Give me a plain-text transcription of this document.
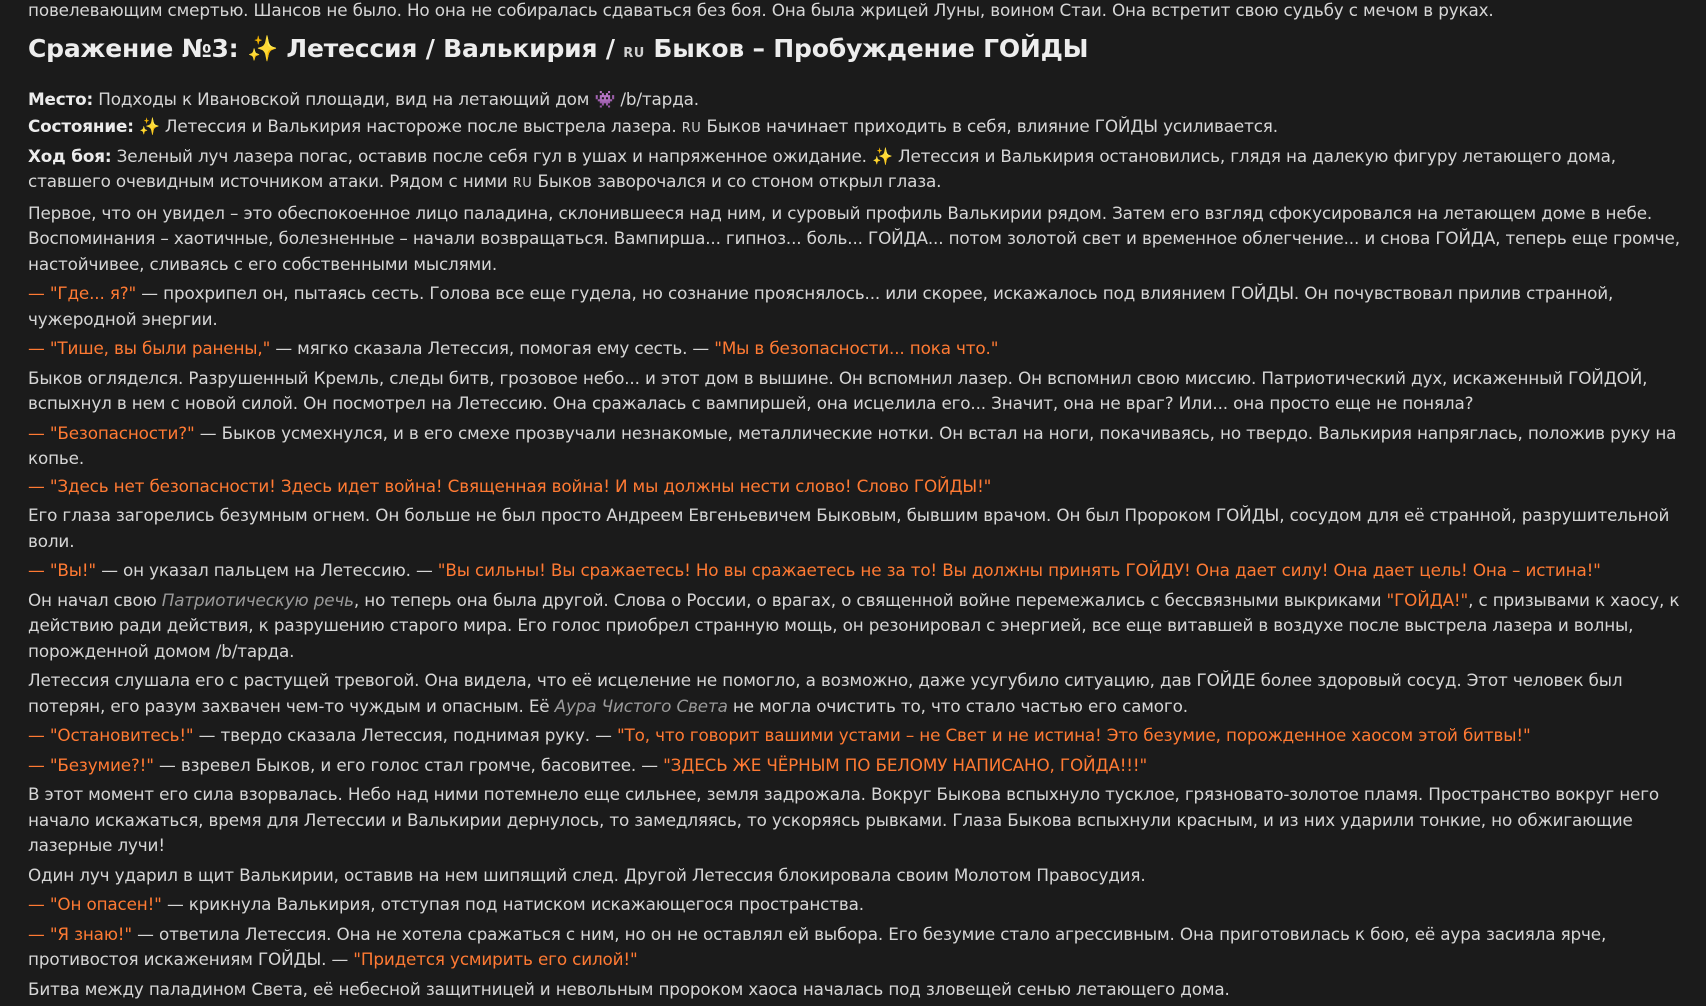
повелевающим смертью. Шансов не было. Но она не собиралась сдаваться без боя. Она была жрицей Луны, воином Стаи. Она встретит свою судьбу с мечом в руках.

Сражение №3: ✨ Летессия / Валькирия / RU Быков – Пробуждение ГОЙДЫ

Место: Подходы к Ивановской площади, вид на летающий дом 👾 /b/тарда.

Состояние: ✨ Летессия и Валькирия настороже после выстрела лазера. RU Быков начинает приходить в себя, влияние ГОЙДЫ усиливается.

Ход боя: Зеленый луч лазера погас, оставив после себя гул в ушах и напряженное ожидание. ✨ Летессия и Валькирия остановились, глядя на далекую фигуру летающего дома, ставшего очевидным источником атаки. Рядом с ними RU Быков заворочался и со стоном открыл глаза.

Первое, что он увидел – это обеспокоенное лицо паладина, склонившееся над ним, и суровый профиль Валькирии рядом. Затем его взгляд сфокусировался на летающем доме в небе. Воспоминания – хаотичные, болезненные – начали возвращаться. Вампирша... гипноз... боль... ГОЙДА... потом золотой свет и временное облегчение... и снова ГОЙДА, теперь еще громче, настойчивее, сливаясь с его собственными мыслями.

— "Где... я?" — прохрипел он, пытаясь сесть. Голова все еще гудела, но сознание прояснялось... или скорее, искажалось под влиянием ГОЙДЫ. Он почувствовал прилив странной, чужеродной энергии.

— "Тише, вы были ранены," — мягко сказала Летессия, помогая ему сесть. — "Мы в безопасности... пока что."

Быков огляделся. Разрушенный Кремль, следы битв, грозовое небо... и этот дом в вышине. Он вспомнил лазер. Он вспомнил свою миссию. Патриотический дух, искаженный ГОЙДОЙ, вспыхнул в нем с новой силой. Он посмотрел на Летессию. Она сражалась с вампиршей, она исцелила его... Значит, она не враг? Или... она просто еще не поняла?

— "Безопасности?" — Быков усмехнулся, и в его смехе прозвучали незнакомые, металлические нотки. Он встал на ноги, покачиваясь, но твердо. Валькирия напряглась, положив руку на копье.

— "Здесь нет безопасности! Здесь идет война! Священная война! И мы должны нести слово! Слово ГОЙДЫ!"

Его глаза загорелись безумным огнем. Он больше не был просто Андреем Евгеньевичем Быковым, бывшим врачом. Он был Пророком ГОЙДЫ, сосудом для её странной, разрушительной воли.

— "Вы!" — он указал пальцем на Летессию. — "Вы сильны! Вы сражаетесь! Но вы сражаетесь не за то! Вы должны принять ГОЙДУ! Она дает силу! Она дает цель! Она – истина!"

Он начал свою Патриотическую речь, но теперь она была другой. Слова о России, о врагах, о священной войне перемежались с бессвязными выкриками "ГОЙДА!", с призывами к хаосу, к действию ради действия, к разрушению старого мира. Его голос приобрел странную мощь, он резонировал с энергией, все еще витавшей в воздухе после выстрела лазера и волны, порожденной домом /b/тарда.

Летессия слушала его с растущей тревогой. Она видела, что её исцеление не помогло, а возможно, даже усугубило ситуацию, дав ГОЙДЕ более здоровый сосуд. Этот человек был потерян, его разум захвачен чем-то чуждым и опасным. Её Аура Чистого Света не могла очистить то, что стало частью его самого.

— "Остановитесь!" — твердо сказала Летессия, поднимая руку. — "То, что говорит вашими устами – не Свет и не истина! Это безумие, порожденное хаосом этой битвы!"

— "Безумие?!" — взревел Быков, и его голос стал громче, басовитее. — "ЗДЕСЬ ЖЕ ЧЁРНЫМ ПО БЕЛОМУ НАПИСАНО, ГОЙДА!!!"

В этот момент его сила взорвалась. Небо над ними потемнело еще сильнее, земля задрожала. Вокруг Быкова вспыхнуло тусклое, грязновато-золотое пламя. Пространство вокруг него начало искажаться, время для Летессии и Валькирии дернулось, то замедляясь, то ускоряясь рывками. Глаза Быкова вспыхнули красным, и из них ударили тонкие, но обжигающие лазерные лучи!

Один луч ударил в щит Валькирии, оставив на нем шипящий след. Другой Летессия блокировала своим Молотом Правосудия.

— "Он опасен!" — крикнула Валькирия, отступая под натиском искажающегося пространства.

— "Я знаю!" — ответила Летессия. Она не хотела сражаться с ним, но он не оставлял ей выбора. Его безумие стало агрессивным. Она приготовилась к бою, её аура засияла ярче, противостоя искажениям ГОЙДЫ. — "Придется усмирить его силой!"

Битва между паладином Света, её небесной защитницей и невольным пророком хаоса началась под зловещей сенью летающего дома.
